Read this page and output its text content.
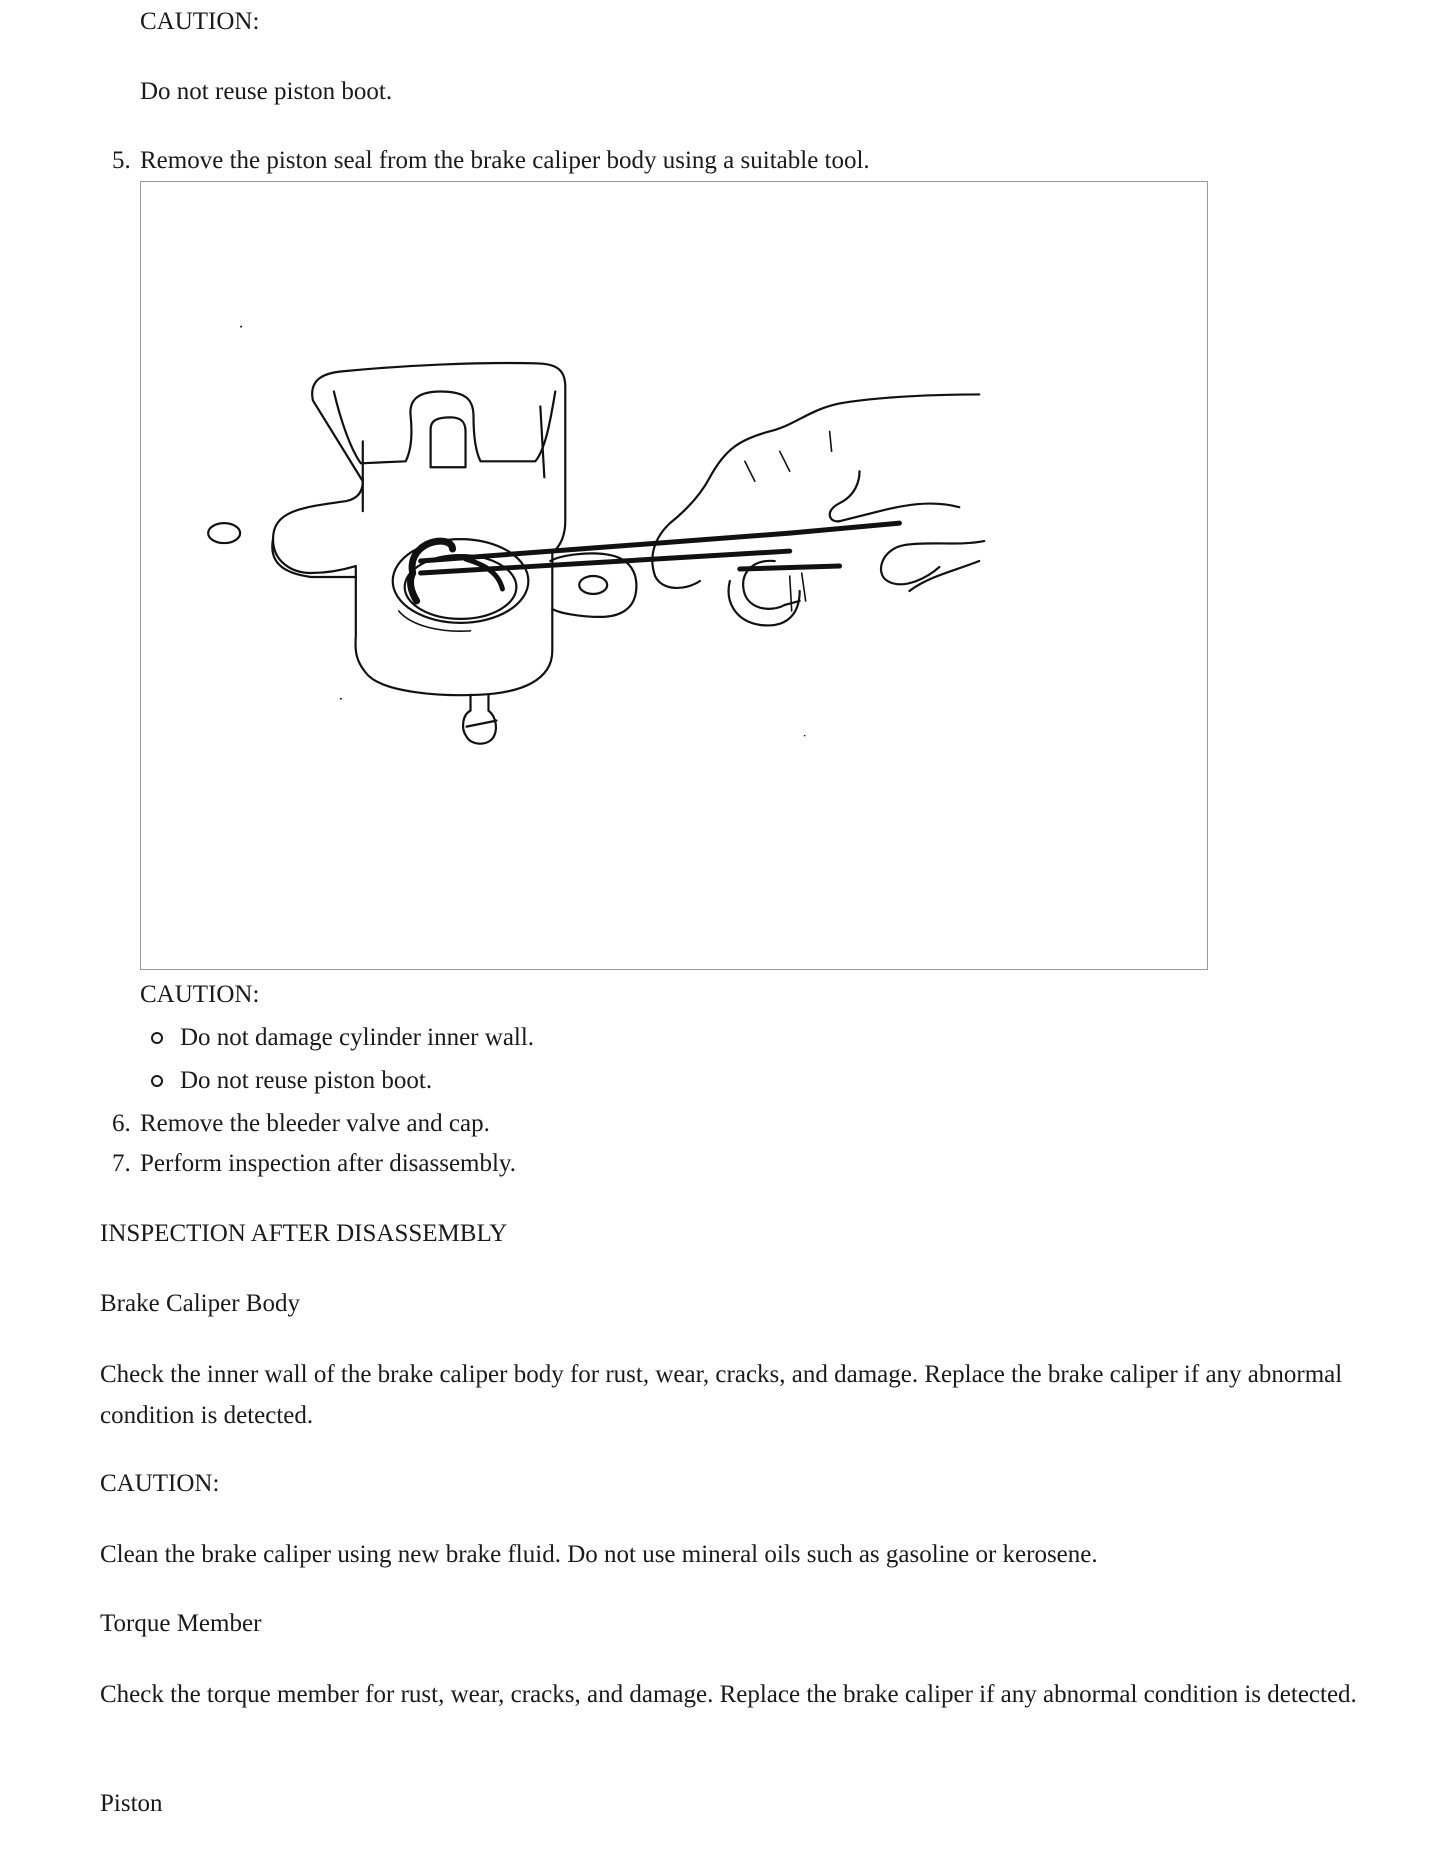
CAUTION:

Do not reuse piston boot.

5. Remove the piston seal from the brake caliper body using a suitable tool.

CAUTION:

Do not damage cylinder inner wall.

Do not reuse piston boot.

6. Remove the bleeder valve and cap.

7. Perform inspection after disassembly.

INSPECTION AFTER DISASSEMBLY

Brake Caliper Body

Check the inner wall of the brake caliper body for rust, wear, cracks, and damage. Replace the brake caliper if any abnormal condition is detected.

CAUTION:

Clean the brake caliper using new brake fluid. Do not use mineral oils such as gasoline or kerosene.

Torque Member

Check the torque member for rust, wear, cracks, and damage. Replace the brake caliper if any abnormal condition is detected.

Piston
